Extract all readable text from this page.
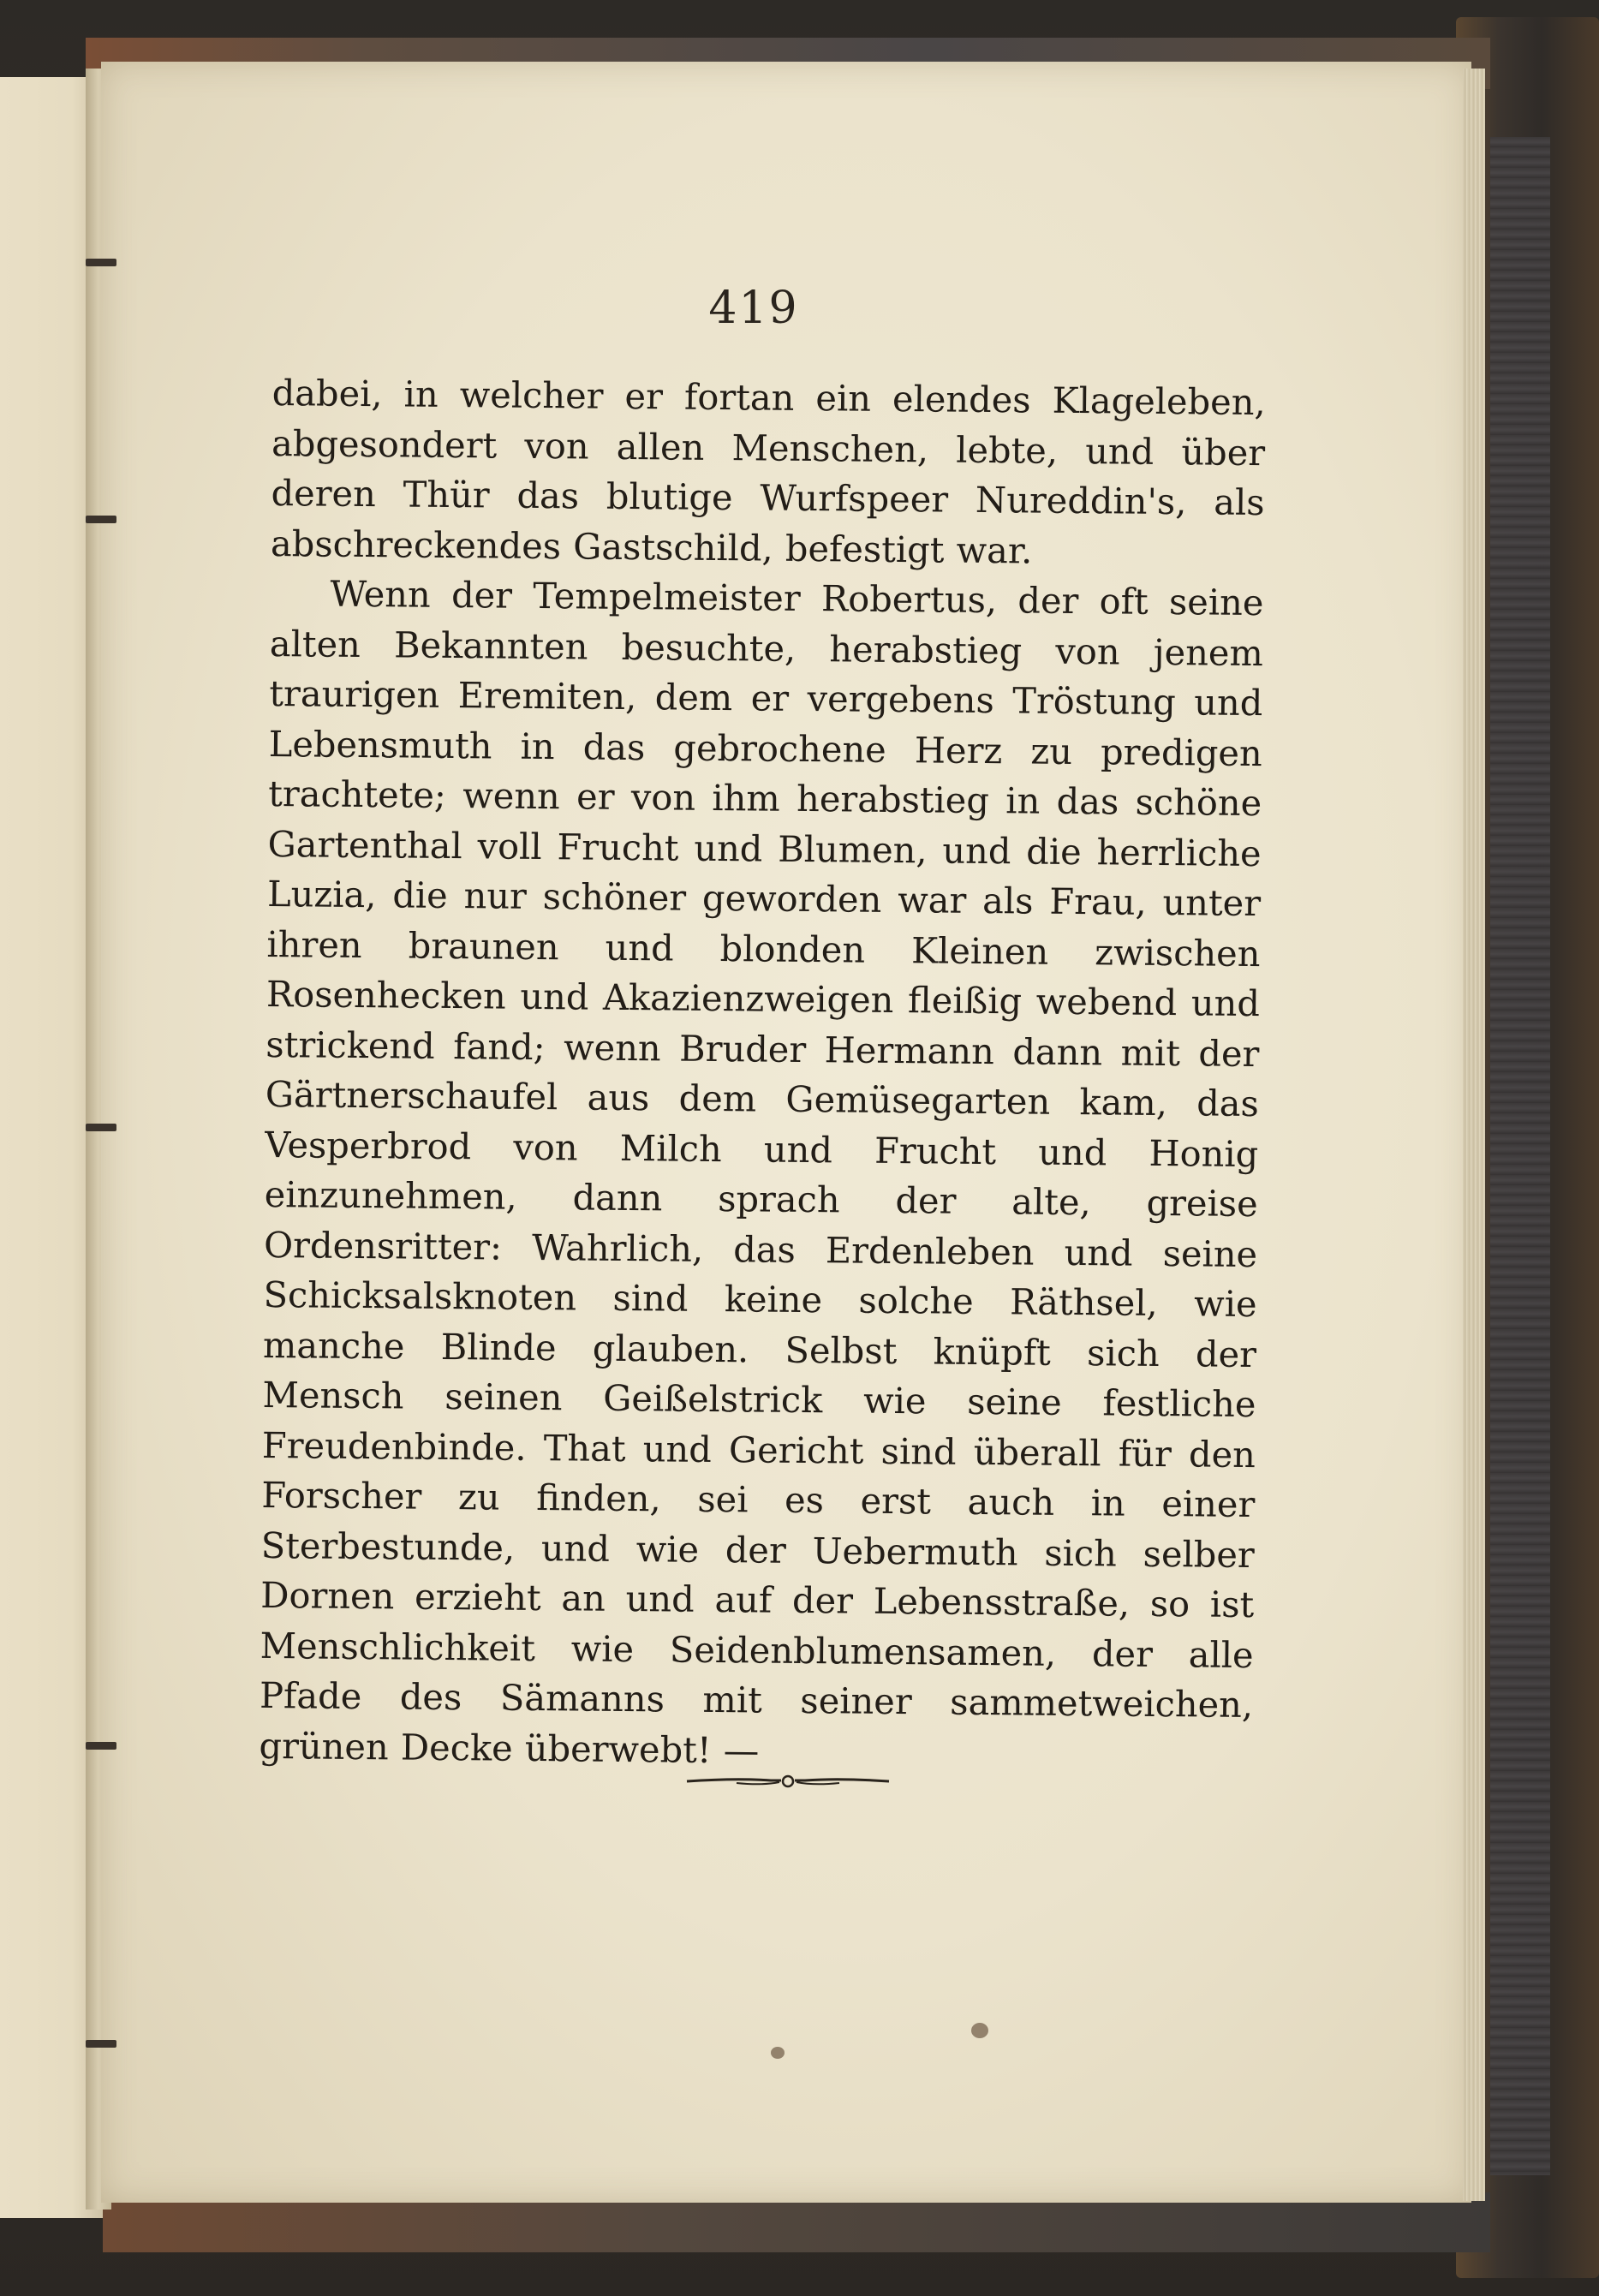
419

dabei, in welcher er fortan ein elendes Klageleben, abgesondert von allen Menschen, lebte, und über deren Thür das blutige Wurfspeer Nureddin's, als abschreckendes Gastschild, befestigt war.

Wenn der Tempelmeister Robertus, der oft seine alten Bekannten besuchte, herabstieg von jenem traurigen Eremiten, dem er vergebens Tröstung und Lebensmuth in das gebrochene Herz zu predigen trachtete; wenn er von ihm herabstieg in das schöne Gartenthal voll Frucht und Blumen, und die herrliche Luzia, die nur schöner geworden war als Frau, unter ihren braunen und blonden Kleinen zwischen Rosenhecken und Akazienzweigen fleißig webend und strickend fand; wenn Bruder Hermann dann mit der Gärtnerschaufel aus dem Gemüsegarten kam, das Vesperbrod von Milch und Frucht und Honig einzunehmen, dann sprach der alte, greise Ordensritter: Wahrlich, das Erdenleben und seine Schicksalsknoten sind keine solche Räthsel, wie manche Blinde glauben. Selbst knüpft sich der Mensch seinen Geißelstrick wie seine festliche Freudenbinde. That und Gericht sind überall für den Forscher zu finden, sei es erst auch in einer Sterbestunde, und wie der Uebermuth sich selber Dornen erzieht an und auf der Lebensstraße, so ist Menschlichkeit wie Seidenblumensamen, der alle Pfade des Sämanns mit seiner sammetweichen, grünen Decke überwebt! —
